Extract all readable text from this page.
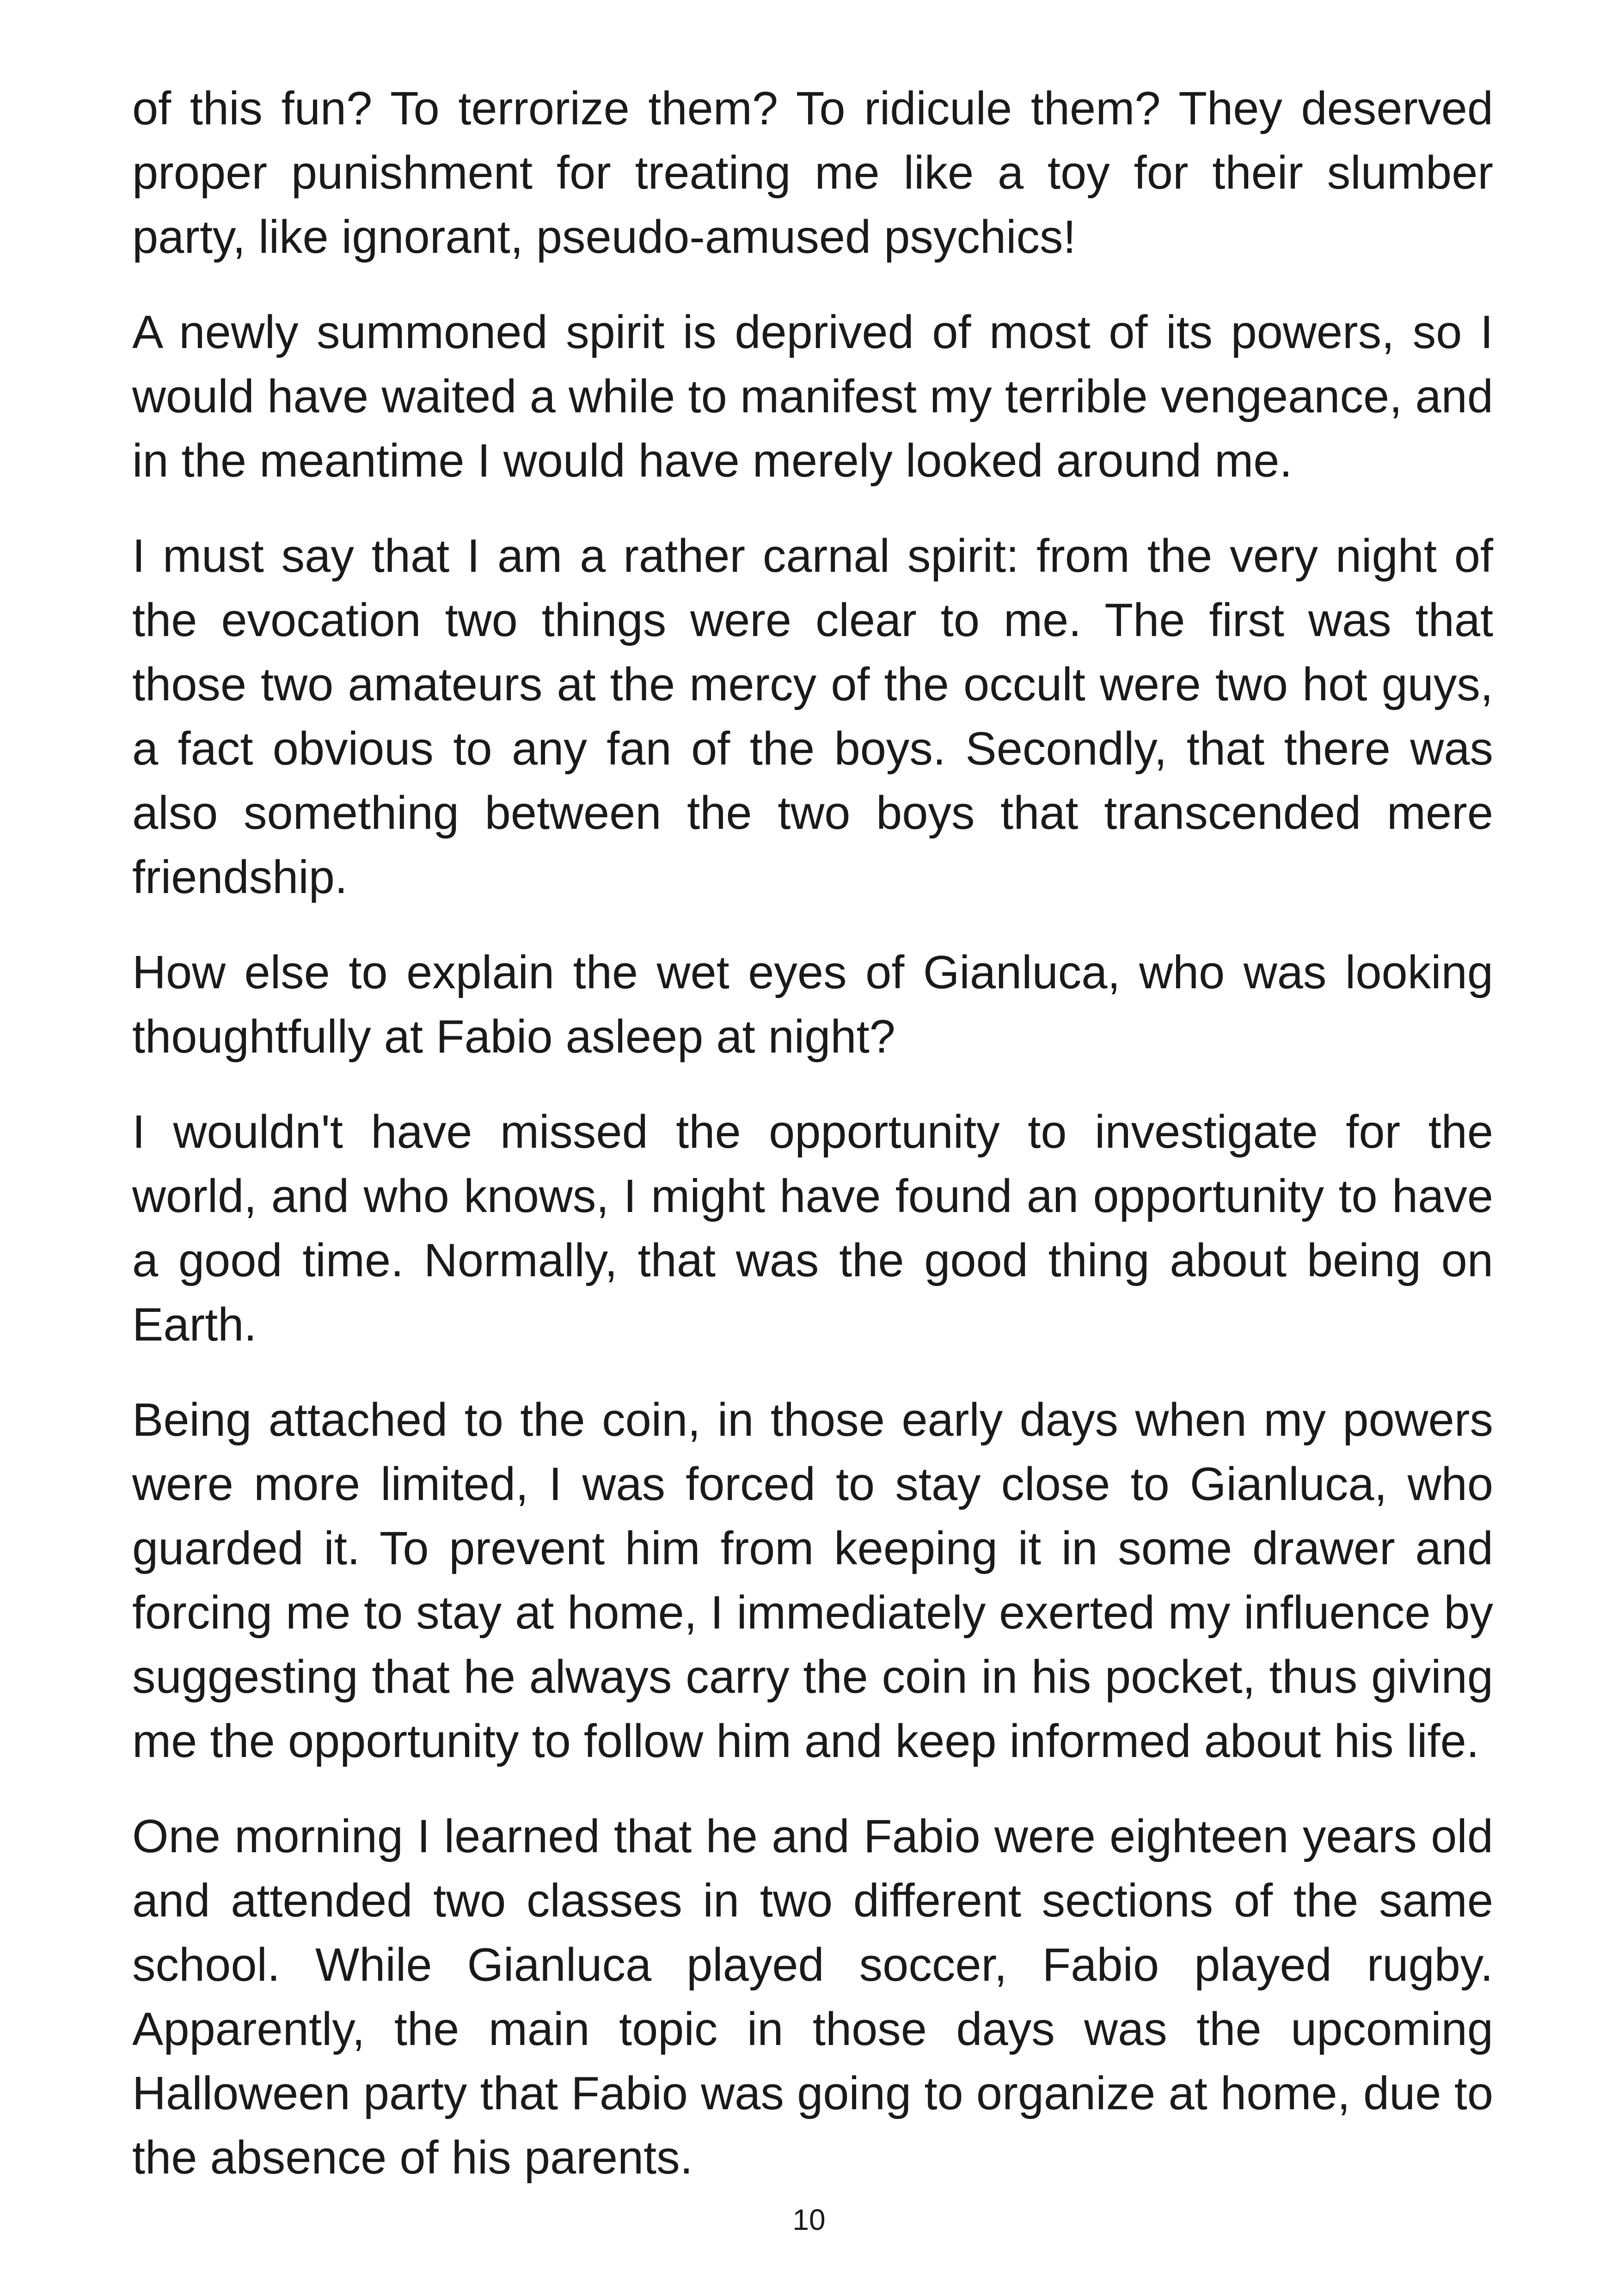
of this fun? To terrorize them? To ridicule them? They deserved proper punishment for treating me like a toy for their slumber party, like ignorant, pseudo-amused psychics!

A newly summoned spirit is deprived of most of its powers, so I would have waited a while to manifest my terrible vengeance, and in the meantime I would have merely looked around me.

I must say that I am a rather carnal spirit: from the very night of the evocation two things were clear to me. The first was that those two amateurs at the mercy of the occult were two hot guys, a fact obvious to any fan of the boys. Secondly, that there was also something between the two boys that transcended mere friendship.

How else to explain the wet eyes of Gianluca, who was looking thoughtfully at Fabio asleep at night?

I wouldn't have missed the opportunity to investigate for the world, and who knows, I might have found an opportunity to have a good time. Normally, that was the good thing about being on Earth.

Being attached to the coin, in those early days when my powers were more limited, I was forced to stay close to Gianluca, who guarded it. To prevent him from keeping it in some drawer and forcing me to stay at home, I immediately exerted my influence by suggesting that he always carry the coin in his pocket, thus giving me the opportunity to follow him and keep informed about his life.

One morning I learned that he and Fabio were eighteen years old and attended two classes in two different sections of the same school. While Gianluca played soccer, Fabio played rugby. Apparently, the main topic in those days was the upcoming Halloween party that Fabio was going to organize at home, due to the absence of his parents.

10
